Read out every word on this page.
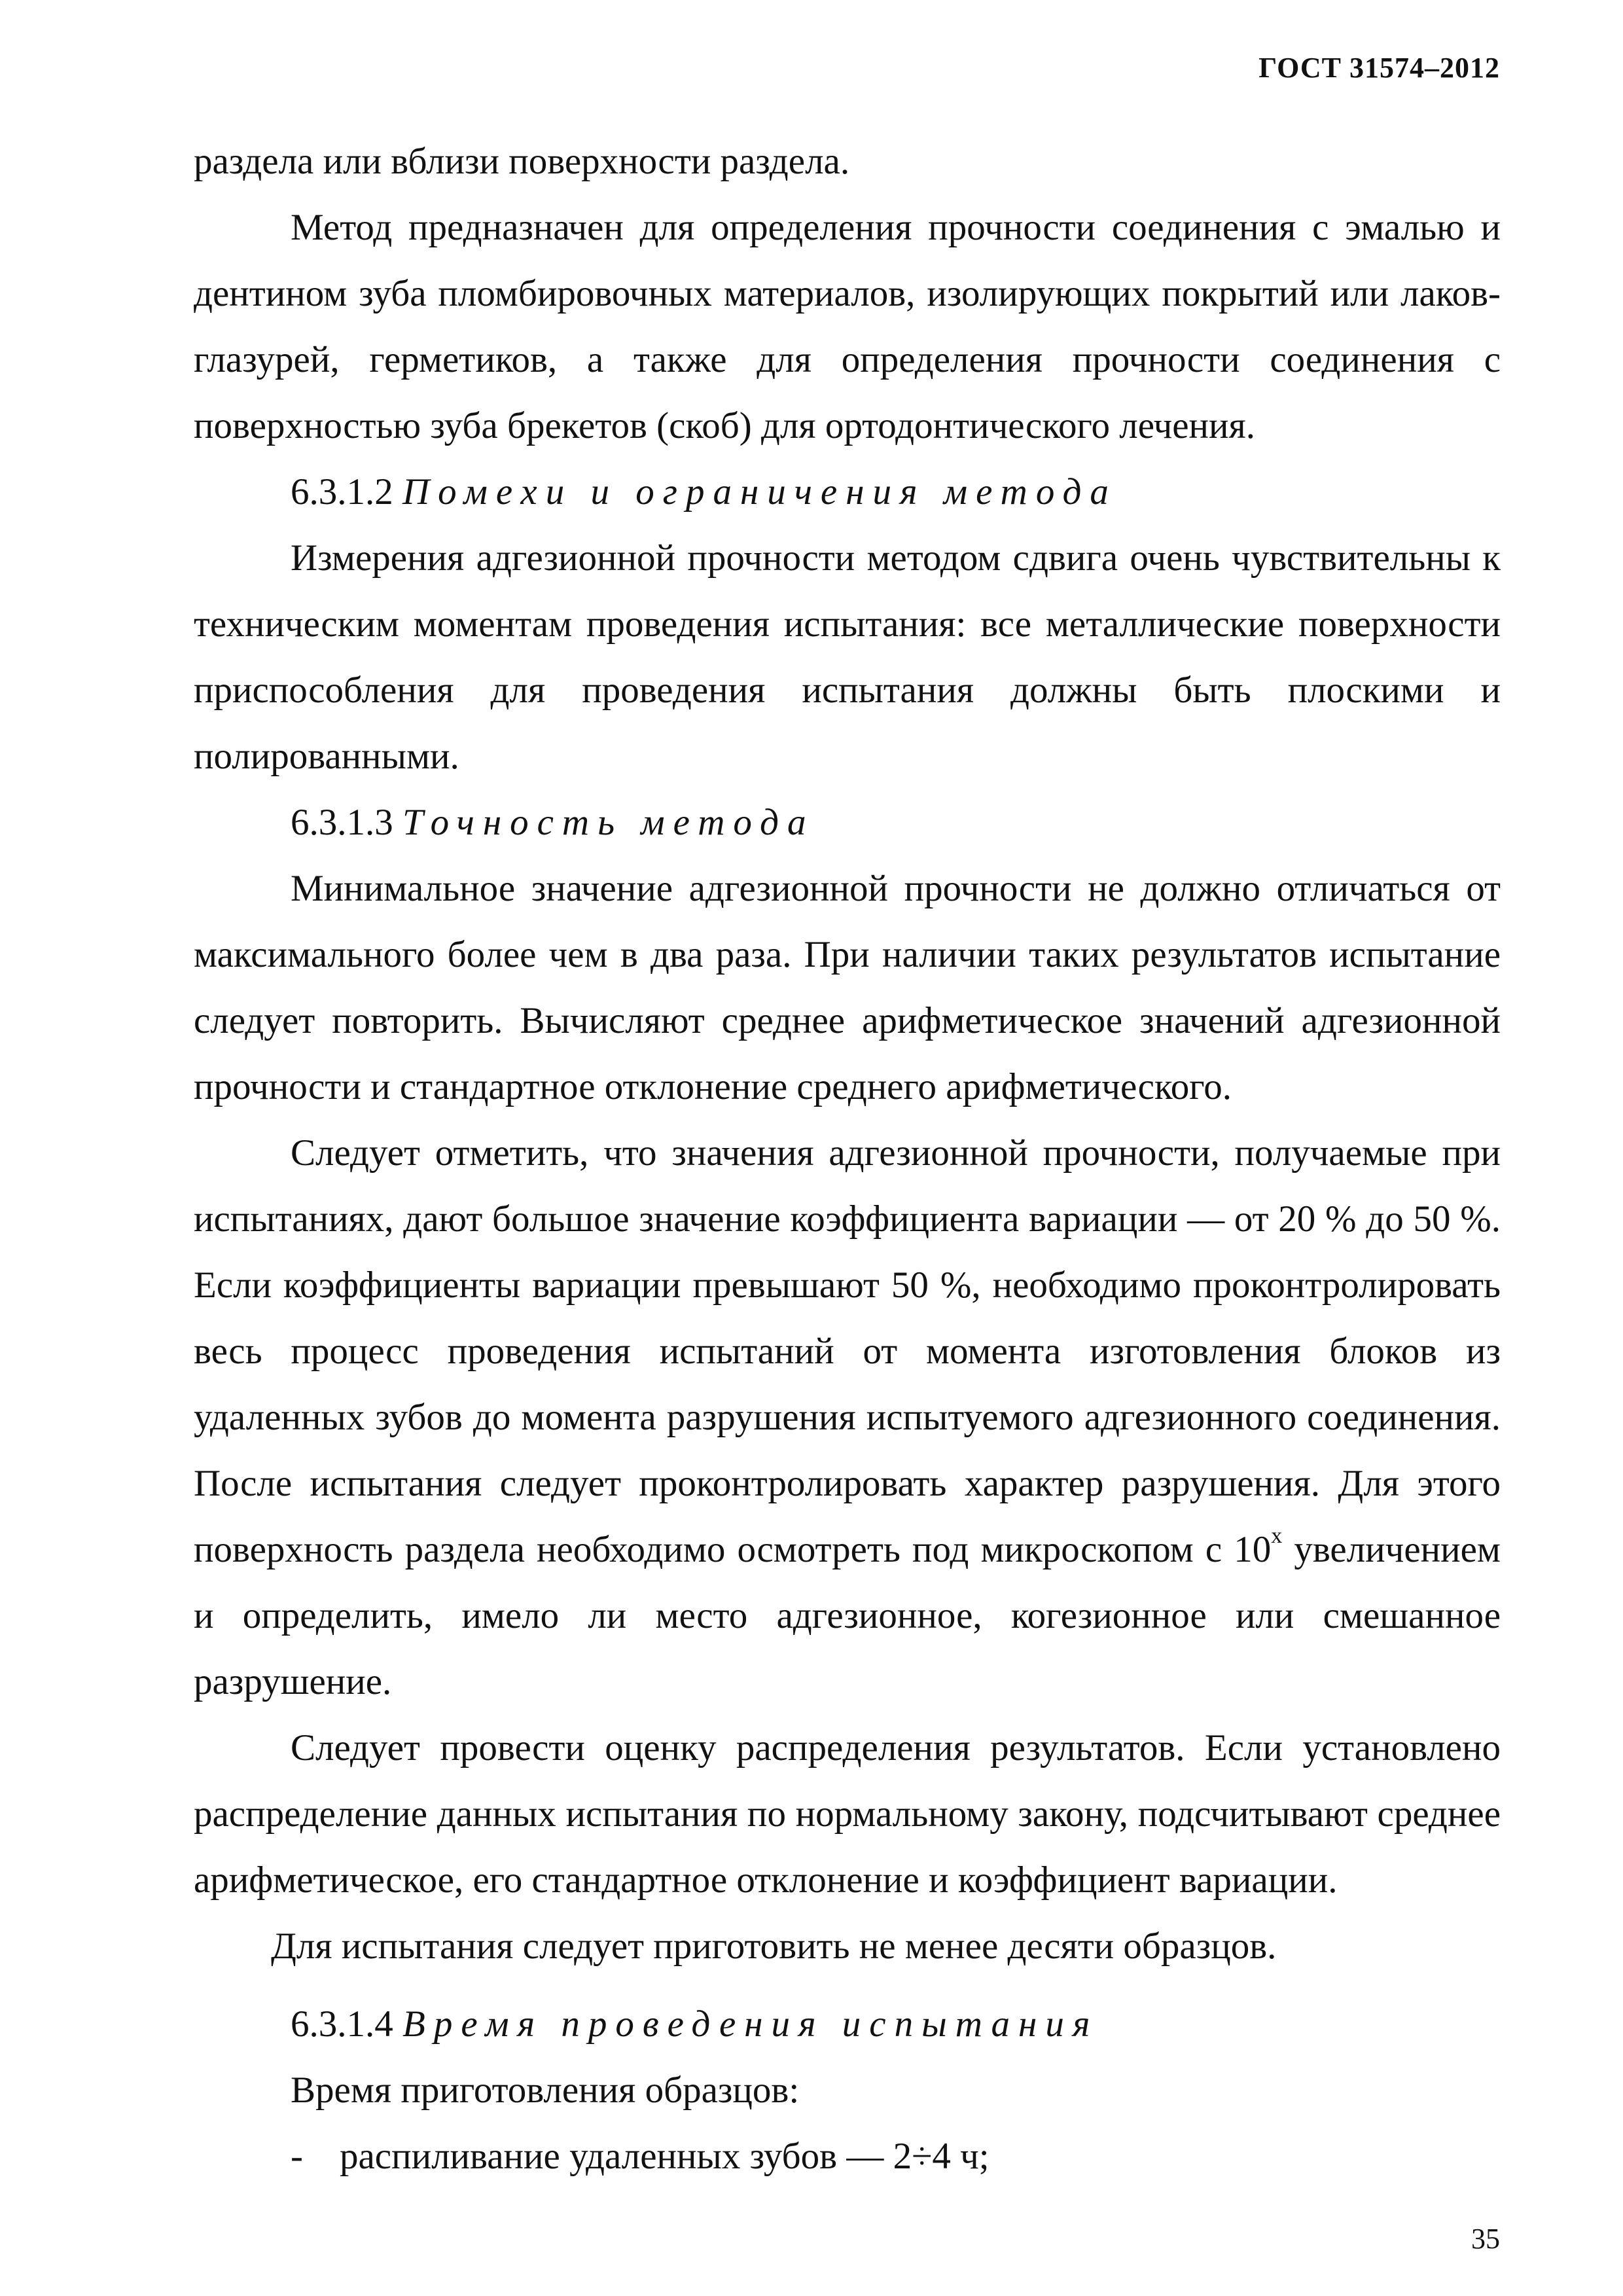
ГОСТ 31574–2012

раздела или вблизи поверхности раздела.

Метод предназначен для определения прочности соединения с эмалью и дентином зуба пломбировочных материалов, изолирующих покрытий или лаков-глазурей, герметиков, а также для определения прочности соединения с поверхностью зуба брекетов (скоб) для ортодонтического лечения.

6.3.1.2 Помехи и ограничения метода

Измерения адгезионной прочности методом сдвига очень чувствительны к техническим моментам проведения испытания: все металлические поверхности приспособления для проведения испытания должны быть плоскими и полированными.

6.3.1.3 Точность метода

Минимальное значение адгезионной прочности не должно отличаться от максимального более чем в два раза. При наличии таких результатов испытание следует повторить. Вычисляют среднее арифметическое значений адгезионной прочности и стандартное отклонение среднего арифметического.

Следует отметить, что значения адгезионной прочности, получаемые при испытаниях, дают большое значение коэффициента вариации — от 20 % до 50 %. Если коэффициенты вариации превышают 50 %, необходимо проконтролировать весь процесс проведения испытаний от момента изготовления блоков из удаленных зубов до момента разрушения испытуемого адгезионного соединения. После испытания следует проконтролировать характер разрушения. Для этого поверхность раздела необходимо осмотреть под микроскопом с $10^х$ увеличением и определить, имело ли место адгезионное, когезионное или смешанное разрушение.

Следует провести оценку распределения результатов. Если установлено распределение данных испытания по нормальному закону, подсчитывают среднее арифметическое, его стандартное отклонение и коэффициент вариации.

Для испытания следует приготовить не менее десяти образцов.

6.3.1.4 Время проведения испытания

Время приготовления образцов:

- распиливание удаленных зубов — 2÷4 ч;

35
